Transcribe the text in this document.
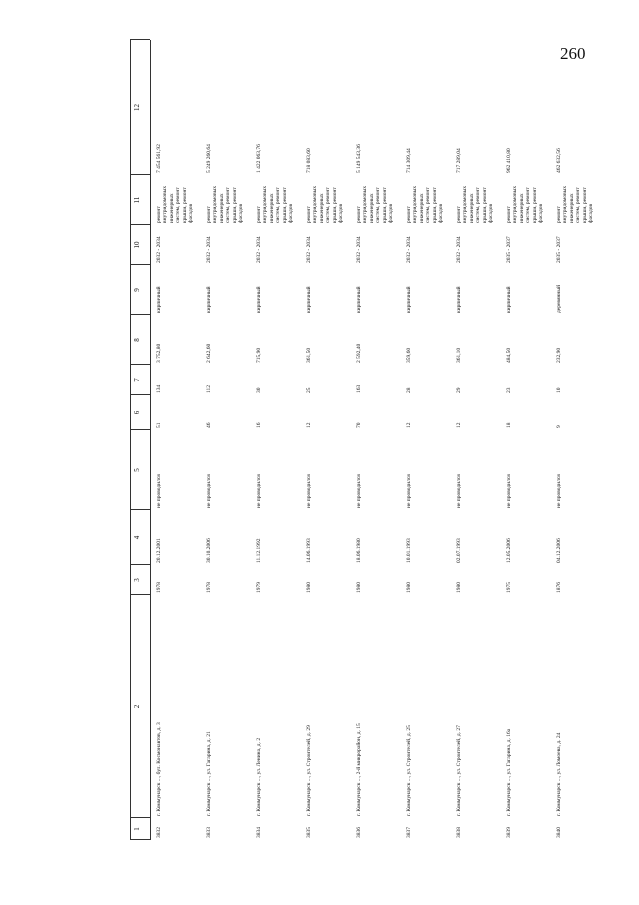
260
1
2
3
4
5
6
7
8
9
10
11
12
3832
г. Коммунарск ..., бул. Космонавтов, д. 3
1978
20.12.2001
не проводился
51
134
3 752,80
кирпичный
2032 - 2034
ремонт внутридомовых инженерных систем, ремонт крыши, ремонт фасадов
7 454 561,92
3833
г. Коммунарск ..., ул. Гагарина, д. 21
1978
30.10.2006
не проводился
46
112
2 642,60
кирпичный
2032 - 2034
ремонт внутридомовых инженерных систем, ремонт крыши, ремонт фасадов
5 249 260,64
3834
г. Коммунарск ..., ул. Ленина, д. 2
1979
11.12.1992
не проводился
16
30
715,90
кирпичный
2032 - 2034
ремонт внутридомовых инженерных систем, ремонт крыши, ремонт фасадов
1 422 063,76
3835
г. Коммунарск ..., ул. Строителей, д. 29
1980
14.06.1993
не проводился
12
25
361,50
кирпичный
2032 - 2034
ремонт внутридомовых инженерных систем, ремонт крыши, ремонт фасадов
718 083,60
3836
г. Коммунарск ..., 2-й микрорайон, д. 15
1980
18.06.1980
не проводился
70
163
2 592,40
кирпичный
2032 - 2034
ремонт внутридомовых инженерных систем, ремонт крыши, ремонт фасадов
5 149 543,36
3837
г. Коммунарск ..., ул. Строителей, д. 25
1980
10.01.1993
не проводился
12
28
359,60
кирпичный
2032 - 2034
ремонт внутридомовых инженерных систем, ремонт крыши, ремонт фасадов
714 309,44
3838
г. Коммунарск ..., ул. Строителей, д. 27
1980
02.07.1993
не проводился
12
29
361,10
кирпичный
2032 - 2034
ремонт внутридомовых инженерных систем, ремонт крыши, ремонт фасадов
717 289,04
3839
г. Коммунарск ..., ул. Гагарина, д. 16а
1975
12.05.2006
не проводился
18
23
484,50
кирпичный
2035 - 2037
ремонт внутридомовых инженерных систем, ремонт крыши, ремонт фасадов
962 410,80
3840
г. Коммунарск ..., ул. Ломоева, д. 24
1876
04.12.2006
не проводился
9
10
232,90
деревянный
2035 - 2037
ремонт внутридомовых инженерных систем, ремонт крыши, ремонт фасадов
462 632,56
